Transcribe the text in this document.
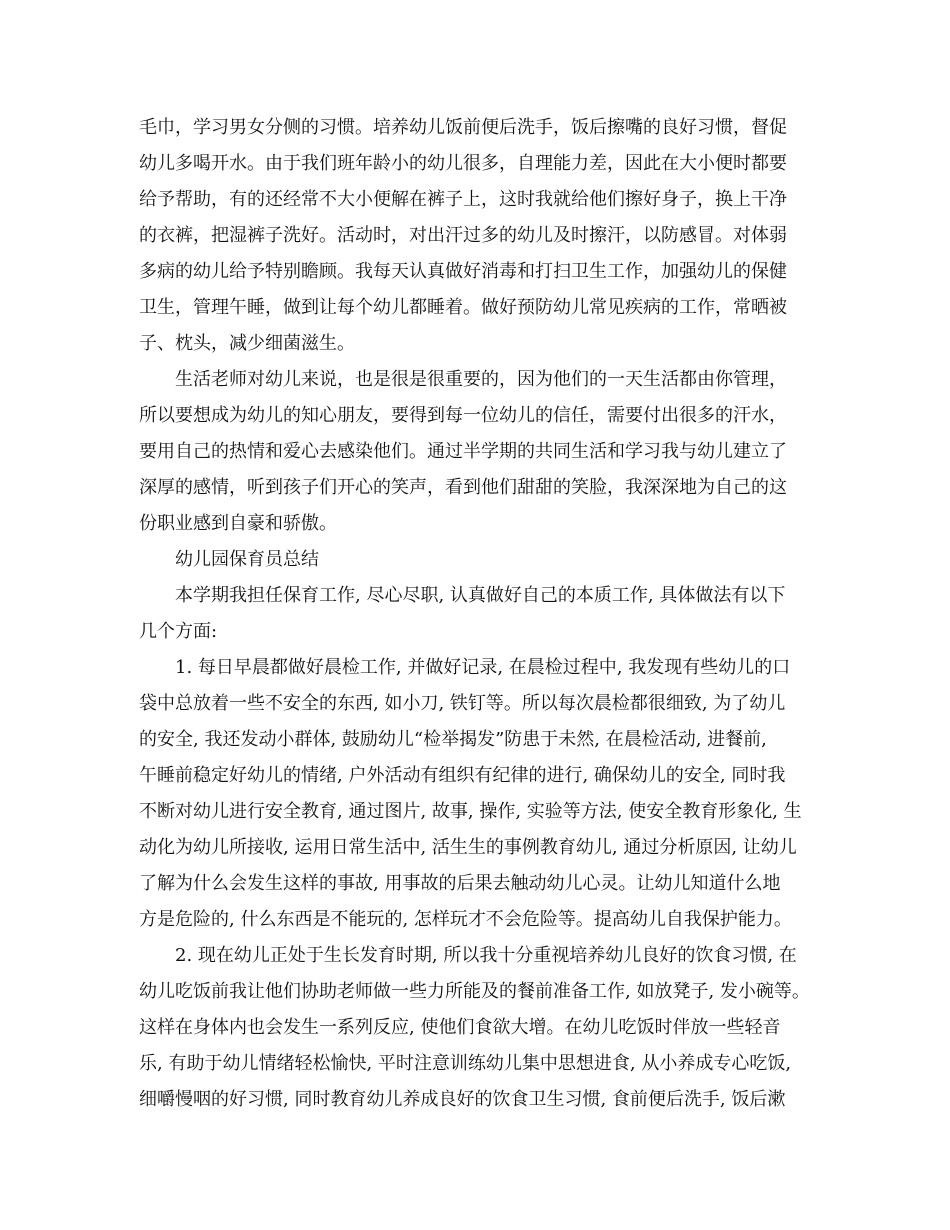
毛巾，学习男女分侧的习惯。培养幼儿饭前便后洗手，饭后擦嘴的良好习惯，督促
幼儿多喝开水。由于我们班年龄小的幼儿很多，自理能力差，因此在大小便时都要
给予帮助，有的还经常不大小便解在裤子上，这时我就给他们擦好身子，换上干净
的衣裤，把湿裤子洗好。活动时，对出汗过多的幼儿及时擦汗，以防感冒。对体弱
多病的幼儿给予特别瞻顾。我每天认真做好消毒和打扫卫生工作，加强幼儿的保健
卫生，管理午睡，做到让每个幼儿都睡着。做好预防幼儿常见疾病的工作，常晒被
子、枕头，减少细菌滋生。
生活老师对幼儿来说，也是很是很重要的，因为他们的一天生活都由你管理，
所以要想成为幼儿的知心朋友，要得到每一位幼儿的信任，需要付出很多的汗水，
要用自己的热情和爱心去感染他们。通过半学期的共同生活和学习我与幼儿建立了
深厚的感情，听到孩子们开心的笑声，看到他们甜甜的笑脸，我深深地为自己的这
份职业感到自豪和骄傲。
幼儿园保育员总结
本学期我担任保育工作, 尽心尽职, 认真做好自己的本质工作, 具体做法有以下
几个方面:
1. 每日早晨都做好晨检工作, 并做好记录, 在晨检过程中, 我发现有些幼儿的口
袋中总放着一些不安全的东西, 如小刀, 铁钉等。所以每次晨检都很细致, 为了幼儿
的安全, 我还发动小群体, 鼓励幼儿“检举揭发”防患于未然, 在晨检活动, 进餐前,
午睡前稳定好幼儿的情绪, 户外活动有组织有纪律的进行, 确保幼儿的安全, 同时我
不断对幼儿进行安全教育, 通过图片, 故事, 操作, 实验等方法, 使安全教育形象化, 生
动化为幼儿所接收, 运用日常生活中, 活生生的事例教育幼儿, 通过分析原因, 让幼儿
了解为什么会发生这样的事故, 用事故的后果去触动幼儿心灵。让幼儿知道什么地
方是危险的, 什么东西是不能玩的, 怎样玩才不会危险等。提高幼儿自我保护能力。
2. 现在幼儿正处于生长发育时期, 所以我十分重视培养幼儿良好的饮食习惯, 在
幼儿吃饭前我让他们协助老师做一些力所能及的餐前准备工作, 如放凳子, 发小碗等。
这样在身体内也会发生一系列反应, 使他们食欲大增。在幼儿吃饭时伴放一些轻音
乐, 有助于幼儿情绪轻松愉快, 平时注意训练幼儿集中思想进食, 从小养成专心吃饭,
细嚼慢咽的好习惯, 同时教育幼儿养成良好的饮食卫生习惯, 食前便后洗手, 饭后漱
